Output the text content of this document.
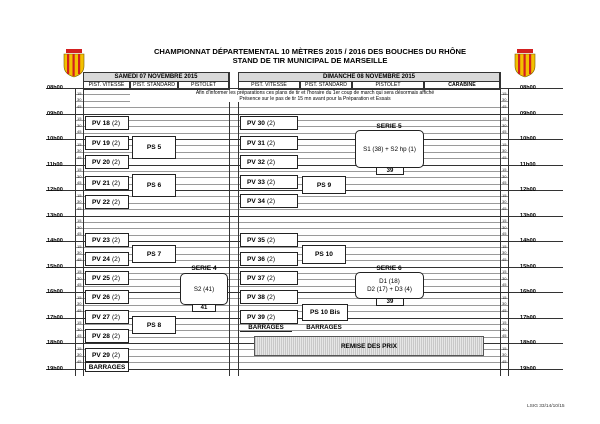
CHAMPIONNAT DÉPARTEMENTAL 10 MÈTRES 2015 / 2016 DES BOUCHES DU RHÔNE
STAND DE TIR MUNICIPAL DE MARSEILLE
SAMEDI 07 NOVEMBRE 2015	DIMANCHE 08 NOVEMBRE 2015
PIST. VITESSE	PIST. STANDARD	PISTOLET	PIST. VITESSE	PIST. STANDARD	PISTOLET	CARABINE
08h00	08h00
15	15
30	30
45	45
09h00	09h00
15	15
30	30
45	45
10h00	10h00
15	15
30	30
45	45
11h00	11h00
15	15
30	30
45	45
12h00	12h00
15	15
30	30
45	45
13h00	13h00
15	15
30	30
45	45
14h00	14h00
15	15
30	30
45	45
15h00	15h00
15	15
30	30
45	45
16h00	16h00
15	15
30	30
45	45
17h00	17h00
15	15
30	30
45	45
18h00	18h00
15	15
30	30
45	45
19h00	19h00
Afin d'informer les préparations ces plans de tir et l'horaire du 1er coup de march qui sera désormais affiché
Présence sur le pas de tir 15 mn avant pour la Préparation et Essais
PV 18 (2)
PV 19 (2)
PV 20 (2)
PV 21 (2)
PV 22 (2)
PV 23 (2)
PV 24 (2)
PV 25 (2)
PV 26 (2)
PV 27 (2)
PV 28 (2)
PV 29 (2)
BARRAGES
PS 5
PS 6
PS 7
PS 8
SERIE 4
S2 (41)
41
PV 30 (2)
PV 31 (2)
PV 32 (2)
PV 33 (2)
PV 34 (2)
PV 35 (2)
PV 36 (2)
PV 37 (2)
PV 38 (2)
PV 39 (2)
BARRAGES
PS 9
PS 10
PS 10 Bis
BARRAGES
SERIE 5
S1 (38) + S2 hp (1)
39
SERIE 6
D1 (18)
D2 (17) + D3 (4)
39
REMISE DES PRIX
LSIG 33/14/10/15
